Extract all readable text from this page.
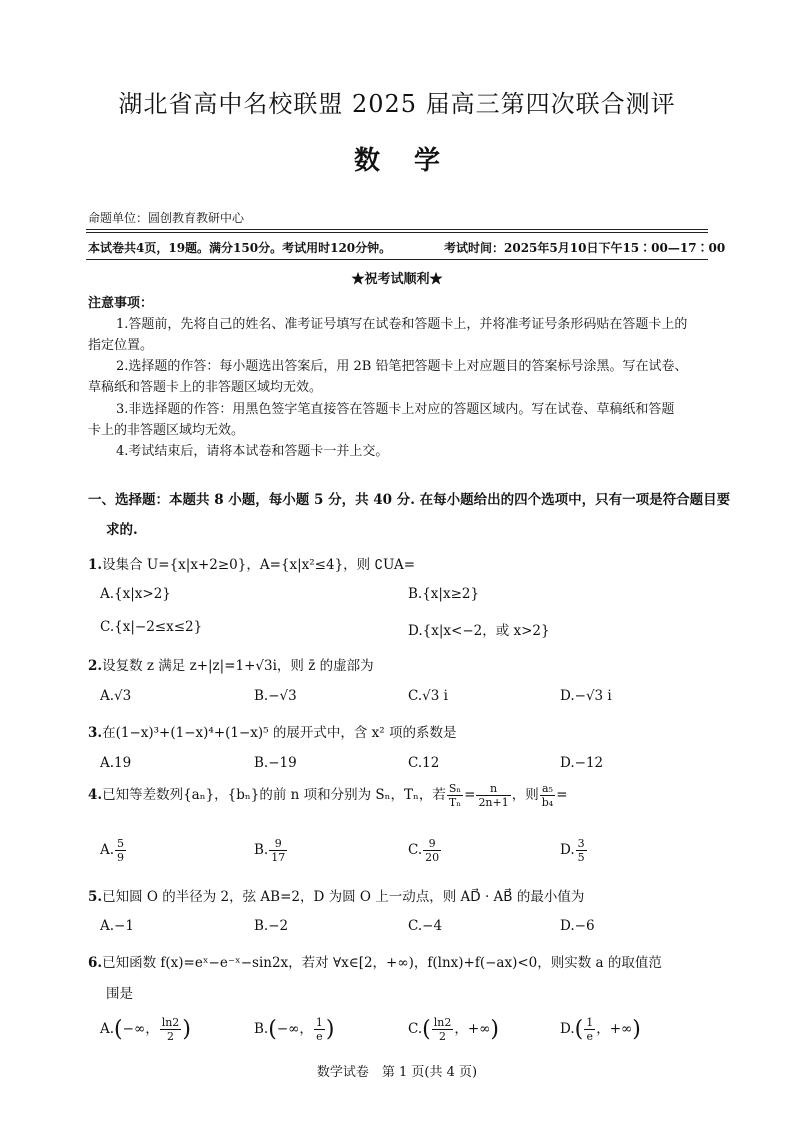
湖北省高中名校联盟 2025 届高三第四次联合测评
数学
命题单位：圆创教育教研中心
本试卷共4页，19题。满分150分。考试用时120分钟。	考试时间：2025年5月10日下午15∶00—17∶00
★祝考试顺利★
注意事项：
1.答题前，先将自己的姓名、准考证号填写在试卷和答题卡上，并将准考证号条形码贴在答题卡上的
指定位置。
2.选择题的作答：每小题选出答案后，用 2B 铅笔把答题卡上对应题目的答案标号涂黑。写在试卷、
草稿纸和答题卡上的非答题区域均无效。
3.非选择题的作答：用黑色签字笔直接答在答题卡上对应的答题区域内。写在试卷、草稿纸和答题
卡上的非答题区域均无效。
4.考试结束后，请将本试卷和答题卡一并上交。
一、选择题：本题共 8 小题，每小题 5 分，共 40 分. 在每小题给出的四个选项中，只有一项是符合题目要
求的.
1.设集合 U={x|x+2≥0}，A={x|x²≤4}，则 ∁UA=
A.{x|x>2}	B.{x|x≥2}
C.{x|−2≤x≤2}	D.{x|x<−2，或 x>2}
2.设复数 z 满足 z+|z|=1+√3i，则 z̄ 的虚部为
A.√3	B.−√3	C.√3 i	D.−√3 i
3.在(1−x)³+(1−x)⁴+(1−x)⁵ 的展开式中，含 x² 项的系数是
A.19	B.−19	C.12	D.−12
4.已知等差数列{aₙ}，{bₙ}的前 n 项和分别为 Sₙ，Tₙ，若 $\frac{\text{Sₙ}}{\text{Tₙ}} = \frac{n}{2n+1}$ ，则 $\frac{\text{a₅}}{\text{b₄}}$ =
A. $\frac{5}{9}$	B. $\frac{9}{17}$	C. $\frac{9}{20}$	D. $\frac{3}{5}$
5.已知圆 O 的半径为 2，弦 AB=2，D 为圆 O 上一动点，则 AD⃗ · AB⃗ 的最小值为
A.−1	B.−2	C.−4	D.−6
6.已知函数 f(x)=eˣ−e⁻ˣ−sin2x，若对 ∀x∈[2，+∞)，f(lnx)+f(−ax)<0，则实数 a 的取值范
围是
A.(−∞， $\frac{\ln 2}{2}$ )	B.(−∞， $\frac{1}{e}$ )	$C.( \frac{\ln 2}{2}$ ，+∞)	$D.( \frac{1}{e}$ ，+∞)
数学试卷　第 1 页(共 4 页)
